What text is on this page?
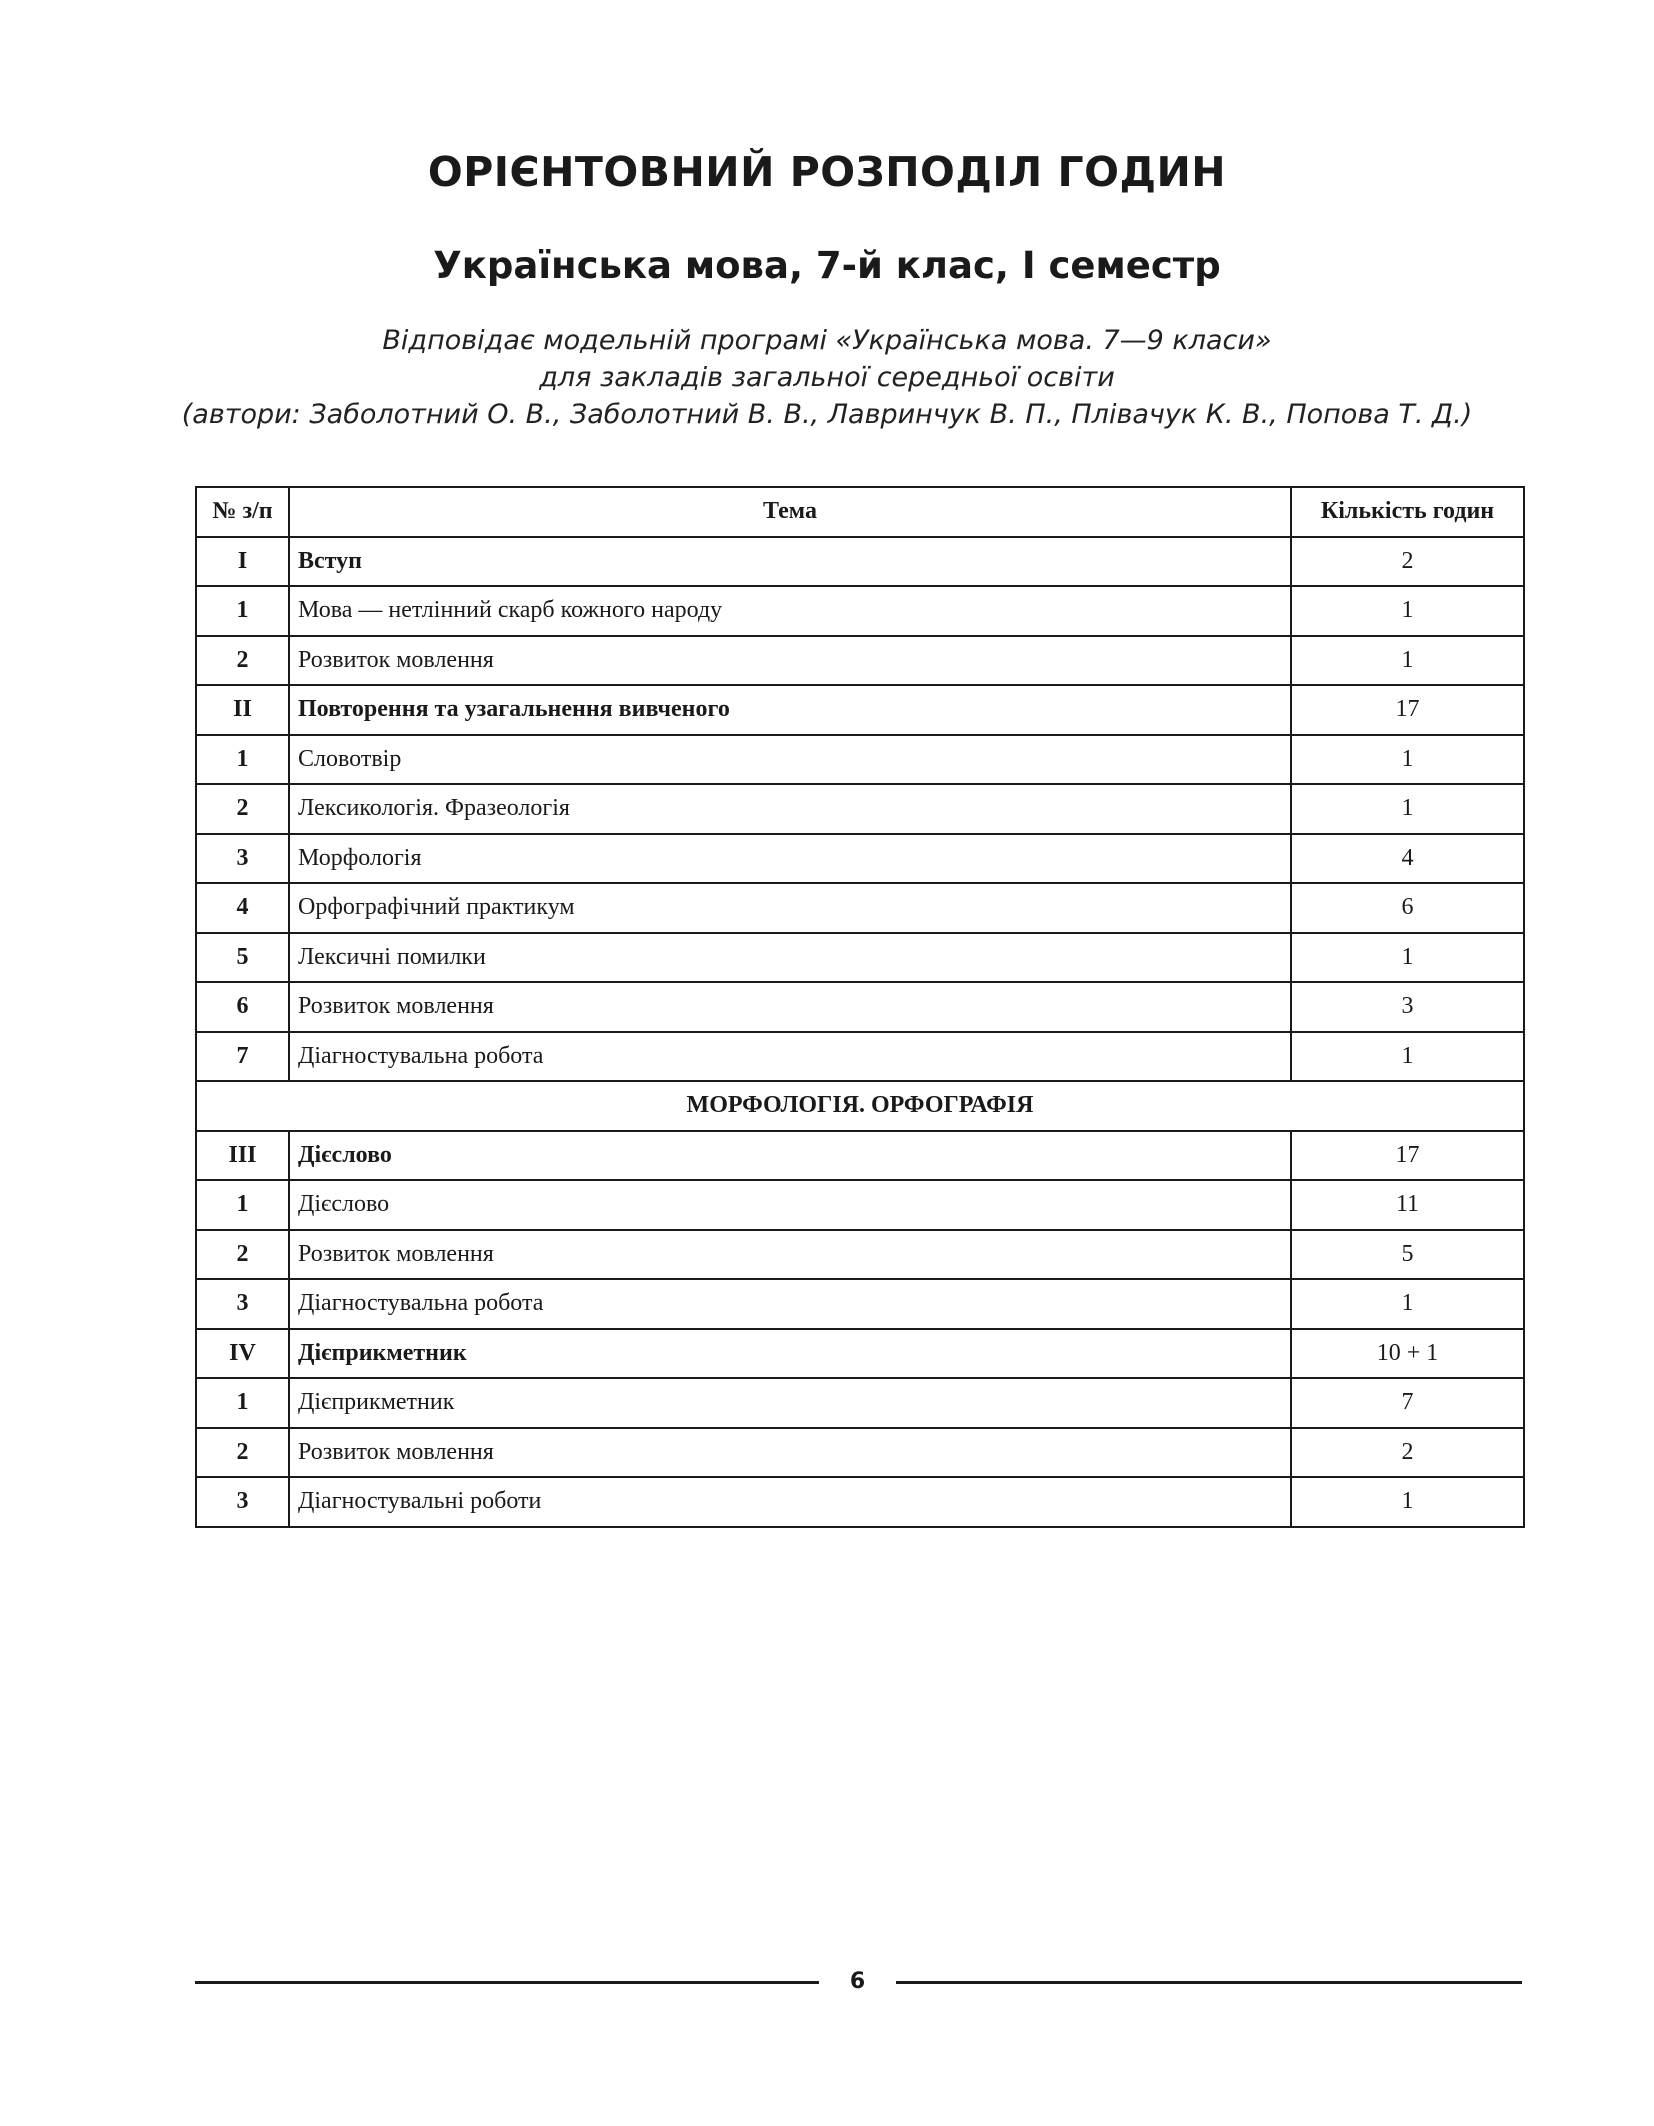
ОРІЄНТОВНИЙ РОЗПОДІЛ ГОДИН
Українська мова, 7-й клас, І семестр
Відповідає модельній програмі «Українська мова. 7—9 класи»
для закладів загальної середньої освіти
(автори: Заболотний О. В., Заболотний В. В., Лавринчук В. П., Плівачук К. В., Попова Т. Д.)
№ з/п	Тема	Кількість годин
I	Вступ	2
1	Мова — нетлінний скарб кожного народу	1
2	Розвиток мовлення	1
II	Повторення та узагальнення вивченого	17
1	Словотвір	1
2	Лексикологія. Фразеологія	1
3	Морфологія	4
4	Орфографічний практикум	6
5	Лексичні помилки	1
6	Розвиток мовлення	3
7	Діагностувальна робота	1
МОРФОЛОГІЯ. ОРФОГРАФІЯ		
III	Дієслово	17
1	Дієслово	11
2	Розвиток мовлення	5
3	Діагностувальна робота	1
IV	Дієприкметник	10 + 1
1	Дієприкметник	7
2	Розвиток мовлення	2
3	Діагностувальні роботи	1
6
